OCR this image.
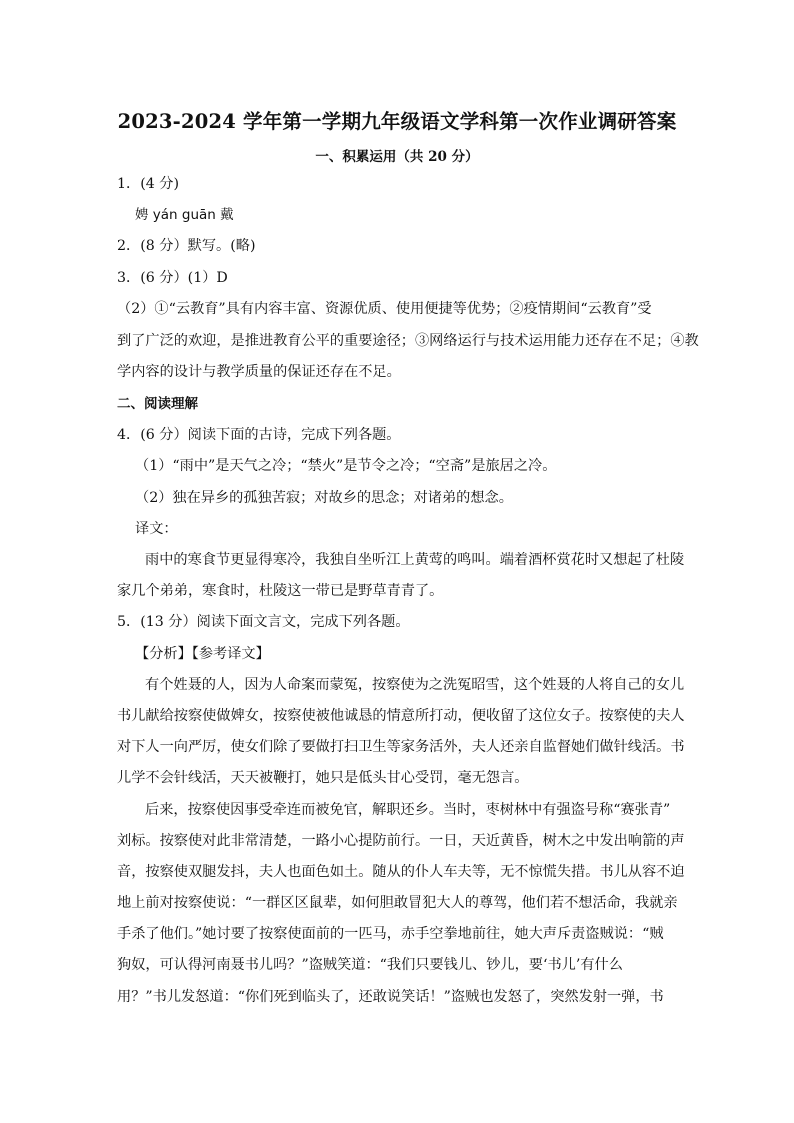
2023-2024 学年第一学期九年级语文学科第一次作业调研答案
一、积累运用（共 20 分）
1．(4 分)
娉 yán guān 戴
2．(8 分）默写。(略)
3．(6 分）(1）D
（2）①“云教育”具有内容丰富、资源优质、使用便捷等优势；②疫情期间“云教育”受
到了广泛的欢迎，是推进教育公平的重要途径；③网络运行与技术运用能力还存在不足；④教
学内容的设计与教学质量的保证还存在不足。
二、阅读理解
4．(6 分）阅读下面的古诗，完成下列各题。
（1）“雨中”是天气之冷；“禁火”是节令之冷；“空斋”是旅居之冷。
（2）独在异乡的孤独苦寂；对故乡的思念；对诸弟的想念。
译文：
雨中的寒食节更显得寒冷，我独自坐听江上黄莺的鸣叫。端着酒杯赏花时又想起了杜陵
家几个弟弟，寒食时，杜陵这一带已是野草青青了。
5．(13 分）阅读下面文言文，完成下列各题。
【分析】【参考译文】
有个姓聂的人，因为人命案而蒙冤，按察使为之洗冤昭雪，这个姓聂的人将自己的女儿
书儿献给按察使做婢女，按察使被他诚恳的情意所打动，便收留了这位女子。按察使的夫人
对下人一向严厉，使女们除了要做打扫卫生等家务活外，夫人还亲自监督她们做针线活。书
儿学不会针线活，天天被鞭打，她只是低头甘心受罚，毫无怨言。
后来，按察使因事受牵连而被免官，解职还乡。当时，枣树林中有强盗号称“赛张青”
刘标。按察使对此非常清楚，一路小心提防前行。一日，天近黄昏，树木之中发出响箭的声
音，按察使双腿发抖，夫人也面色如土。随从的仆人车夫等，无不惊慌失措。书儿从容不迫
地上前对按察使说：“一群区区鼠辈，如何胆敢冒犯大人的尊驾，他们若不想活命，我就亲
手杀了他们。”她讨要了按察使面前的一匹马，赤手空拳地前往，她大声斥责盗贼说：“贼
狗奴，可认得河南聂书儿吗？”盗贼笑道：“我们只要钱儿、钞儿，要‘书儿’有什么
用？”书儿发怒道：“你们死到临头了，还敢说笑话！”盗贼也发怒了，突然发射一弹，书
